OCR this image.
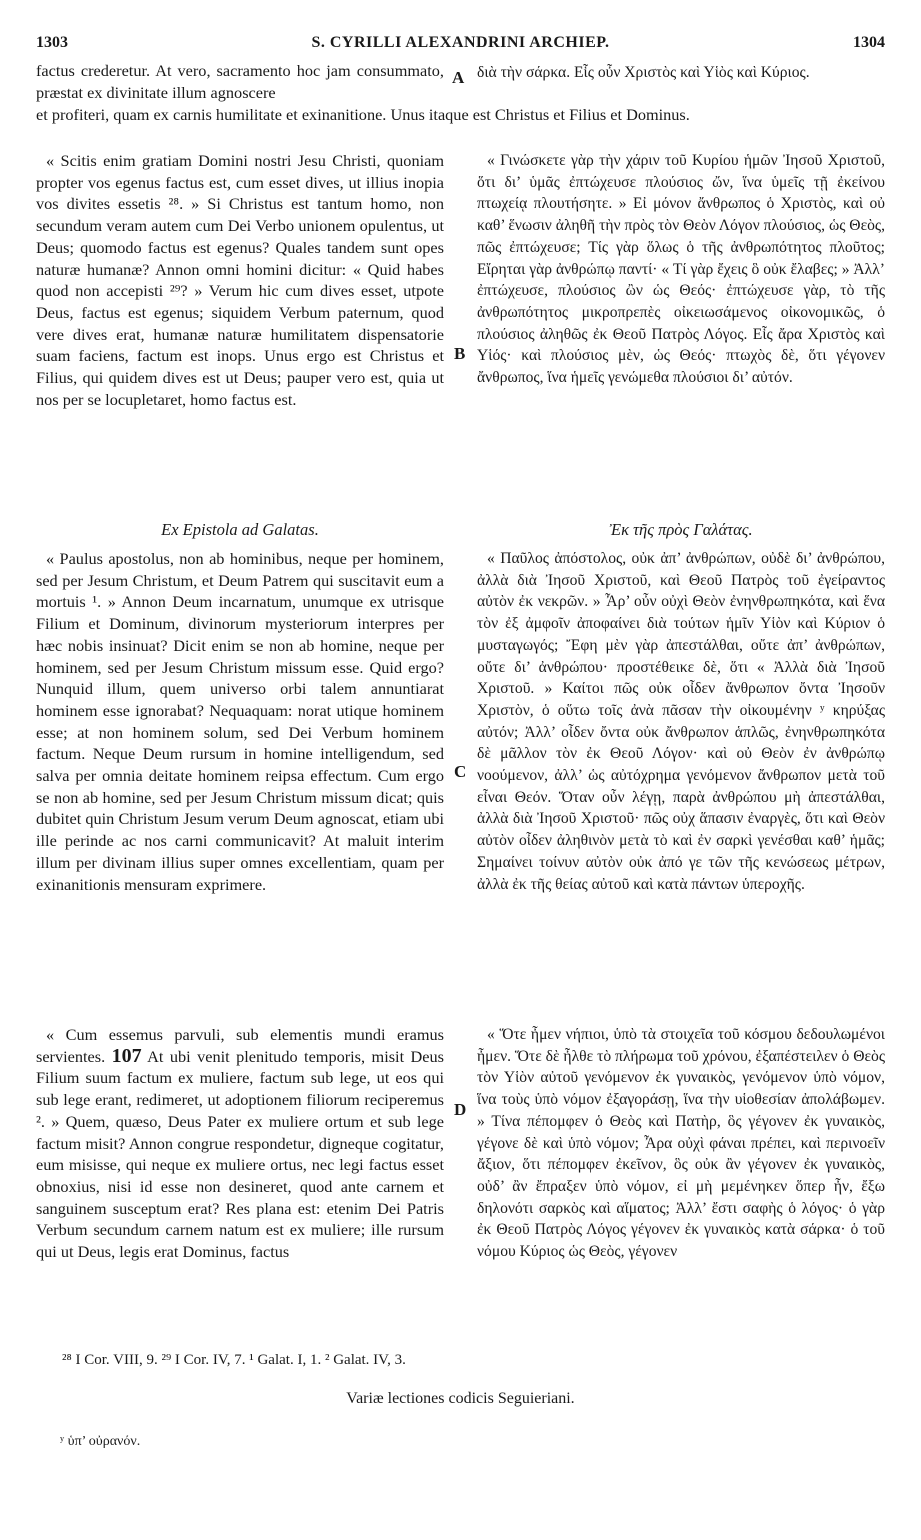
1303	S. CYRILLI ALEXANDRINI ARCHIEP.	1304

factus crederetur. At vero, sacramento hoc jam consummato, præstat ex divinitate illum agnoscere

διὰ τὴν σάρκα. Εἷς οὖν Χριστὸς καὶ Υἱὸς καὶ Κύριος.

et profiteri, quam ex carnis humilitate et exinanitione. Unus itaque est Christus et Filius et Dominus.

A
B
C
D

« Scitis enim gratiam Domini nostri Jesu Christi, quoniam propter vos egenus factus est, cum esset dives, ut illius inopia vos divites essetis ²⁸. » Si Christus est tantum homo, non secundum veram autem cum Dei Verbo unionem opulentus, ut Deus; quomodo factus est egenus? Quales tandem sunt opes naturæ humanæ? Annon omni homini dicitur: « Quid habes quod non accepisti ²⁹? » Verum hic cum dives esset, utpote Deus, factus est egenus; siquidem Verbum paternum, quod vere dives erat, humanæ naturæ humilitatem dispensatorie suam faciens, factum est inops. Unus ergo est Christus et Filius, qui quidem dives est ut Deus; pauper vero est, quia ut nos per se locupletaret, homo factus est.

« Γινώσκετε γὰρ τὴν χάριν τοῦ Κυρίου ἡμῶν Ἰησοῦ Χριστοῦ, ὅτι δι’ ὑμᾶς ἐπτώχευσε πλούσιος ὤν, ἵνα ὑμεῖς τῇ ἐκείνου πτωχείᾳ πλουτήσητε. » Εἰ μόνον ἄνθρωπος ὁ Χριστὸς, καὶ οὐ καθ’ ἕνωσιν ἀληθῆ τὴν πρὸς τὸν Θεὸν Λόγον πλούσιος, ὡς Θεὸς, πῶς ἐπτώχευσε; Τίς γὰρ ὅλως ὁ τῆς ἀνθρωπότητος πλοῦτος; Εἴρηται γὰρ ἀνθρώπῳ παντί· « Τί γὰρ ἔχεις ὃ οὐκ ἔλαβες; » Ἀλλ’ ἐπτώχευσε, πλούσιος ὢν ὡς Θεός· ἐπτώχευσε γὰρ, τὸ τῆς ἀνθρωπότητος μικροπρεπὲς οἰκειωσάμενος οἰκονομικῶς, ὁ πλούσιος ἀληθῶς ἐκ Θεοῦ Πατρὸς Λόγος. Εἷς ἄρα Χριστὸς καὶ Υἱός· καὶ πλούσιος μὲν, ὡς Θεός· πτωχὸς δὲ, ὅτι γέγονεν ἄνθρωπος, ἵνα ἡμεῖς γενώμεθα πλούσιοι δι’ αὐτόν.

Ex Epistola ad Galatas.	Ἐκ τῆς πρὸς Γαλάτας.

« Paulus apostolus, non ab hominibus, neque per hominem, sed per Jesum Christum, et Deum Patrem qui suscitavit eum a mortuis ¹. » Annon Deum incarnatum, unumque ex utrisque Filium et Dominum, divinorum mysteriorum interpres per hæc nobis insinuat? Dicit enim se non ab homine, neque per hominem, sed per Jesum Christum missum esse. Quid ergo? Nunquid illum, quem universo orbi talem annuntiarat hominem esse ignorabat? Nequaquam: norat utique hominem esse; at non hominem solum, sed Dei Verbum hominem factum. Neque Deum rursum in homine intelligendum, sed salva per omnia deitate hominem reipsa effectum. Cum ergo se non ab homine, sed per Jesum Christum missum dicat; quis dubitet quin Christum Jesum verum Deum agnoscat, etiam ubi ille perinde ac nos carni communicavit? At maluit interim illum per divinam illius super omnes excellentiam, quam per exinanitionis mensuram exprimere.

« Παῦλος ἀπόστολος, οὐκ ἀπ’ ἀνθρώπων, οὐδὲ δι’ ἀνθρώπου, ἀλλὰ διὰ Ἰησοῦ Χριστοῦ, καὶ Θεοῦ Πατρὸς τοῦ ἐγείραντος αὐτὸν ἐκ νεκρῶν. » Ἆρ’ οὖν οὐχὶ Θεὸν ἐνηνθρωπηκότα, καὶ ἕνα τὸν ἐξ ἀμφοῖν ἀποφαίνει διὰ τούτων ἡμῖν Υἱὸν καὶ Κύριον ὁ μυσταγωγός; Ἔφη μὲν γὰρ ἀπεστάλθαι, οὔτε ἀπ’ ἀνθρώπων, οὔτε δι’ ἀνθρώπου· προστέθεικε δὲ, ὅτι « Ἀλλὰ διὰ Ἰησοῦ Χριστοῦ. » Καίτοι πῶς οὐκ οἶδεν ἄνθρωπον ὄντα Ἰησοῦν Χριστὸν, ὁ οὕτω τοῖς ἀνὰ πᾶσαν τὴν οἰκουμένην ʸ κηρύξας αὐτόν; Ἀλλ’ οἶδεν ὄντα οὐκ ἄνθρωπον ἁπλῶς, ἐνηνθρωπηκότα δὲ μᾶλλον τὸν ἐκ Θεοῦ Λόγον· καὶ οὐ Θεὸν ἐν ἀνθρώπῳ νοούμενον, ἀλλ’ ὡς αὐτόχρημα γενόμενον ἄνθρωπον μετὰ τοῦ εἶναι Θεόν. Ὅταν οὖν λέγῃ, παρὰ ἀνθρώπου μὴ ἀπεστάλθαι, ἀλλὰ διὰ Ἰησοῦ Χριστοῦ· πῶς οὐχ ἅπασιν ἐναργὲς, ὅτι καὶ Θεὸν αὐτὸν οἶδεν ἀληθινὸν μετὰ τὸ καὶ ἐν σαρκὶ γενέσθαι καθ’ ἡμᾶς; Σημαίνει τοίνυν αὐτὸν οὐκ ἀπό γε τῶν τῆς κενώσεως μέτρων, ἀλλὰ ἐκ τῆς θείας αὐτοῦ καὶ κατὰ πάντων ὑπεροχῆς.

« Cum essemus parvuli, sub elementis mundi eramus servientes. 107 At ubi venit plenitudo temporis, misit Deus Filium suum factum ex muliere, factum sub lege, ut eos qui sub lege erant, redimeret, ut adoptionem filiorum reciperemus ². » Quem, quæso, Deus Pater ex muliere ortum et sub lege factum misit? Annon congrue respondetur, digneque cogitatur, eum misisse, qui neque ex muliere ortus, nec legi factus esset obnoxius, nisi id esse non desineret, quod ante carnem et sanguinem susceptum erat? Res plana est: etenim Dei Patris Verbum secundum carnem natum est ex muliere; ille rursum qui ut Deus, legis erat Dominus, factus

« Ὅτε ἦμεν νήπιοι, ὑπὸ τὰ στοιχεῖα τοῦ κόσμου δεδουλωμένοι ἦμεν. Ὅτε δὲ ἦλθε τὸ πλήρωμα τοῦ χρόνου, ἐξαπέστειλεν ὁ Θεὸς τὸν Υἱὸν αὐτοῦ γενόμενον ἐκ γυναικὸς, γενόμενον ὑπὸ νόμον, ἵνα τοὺς ὑπὸ νόμον ἐξαγοράσῃ, ἵνα τὴν υἱοθεσίαν ἀπολάβωμεν. » Τίνα πέπομφεν ὁ Θεὸς καὶ Πατὴρ, ὃς γέγονεν ἐκ γυναικὸς, γέγονε δὲ καὶ ὑπὸ νόμον; Ἆρα οὐχὶ φάναι πρέπει, καὶ περινοεῖν ἄξιον, ὅτι πέπομφεν ἐκεῖνον, ὃς οὐκ ἂν γέγονεν ἐκ γυναικὸς, οὐδ’ ἂν ἔπραξεν ὑπὸ νόμον, εἰ μὴ μεμένηκεν ὅπερ ἦν, ἔξω δηλονότι σαρκὸς καὶ αἵματος; Ἀλλ’ ἔστι σαφὴς ὁ λόγος· ὁ γὰρ ἐκ Θεοῦ Πατρὸς Λόγος γέγονεν ἐκ γυναικὸς κατὰ σάρκα· ὁ τοῦ νόμου Κύριος ὡς Θεὸς, γέγονεν

²⁸ I Cor. VIII, 9. ²⁹ I Cor. IV, 7. ¹ Galat. I, 1. ² Galat. IV, 3.
Variæ lectiones codicis Seguieriani.
ʸ ὑπ’ οὐρανόν.
